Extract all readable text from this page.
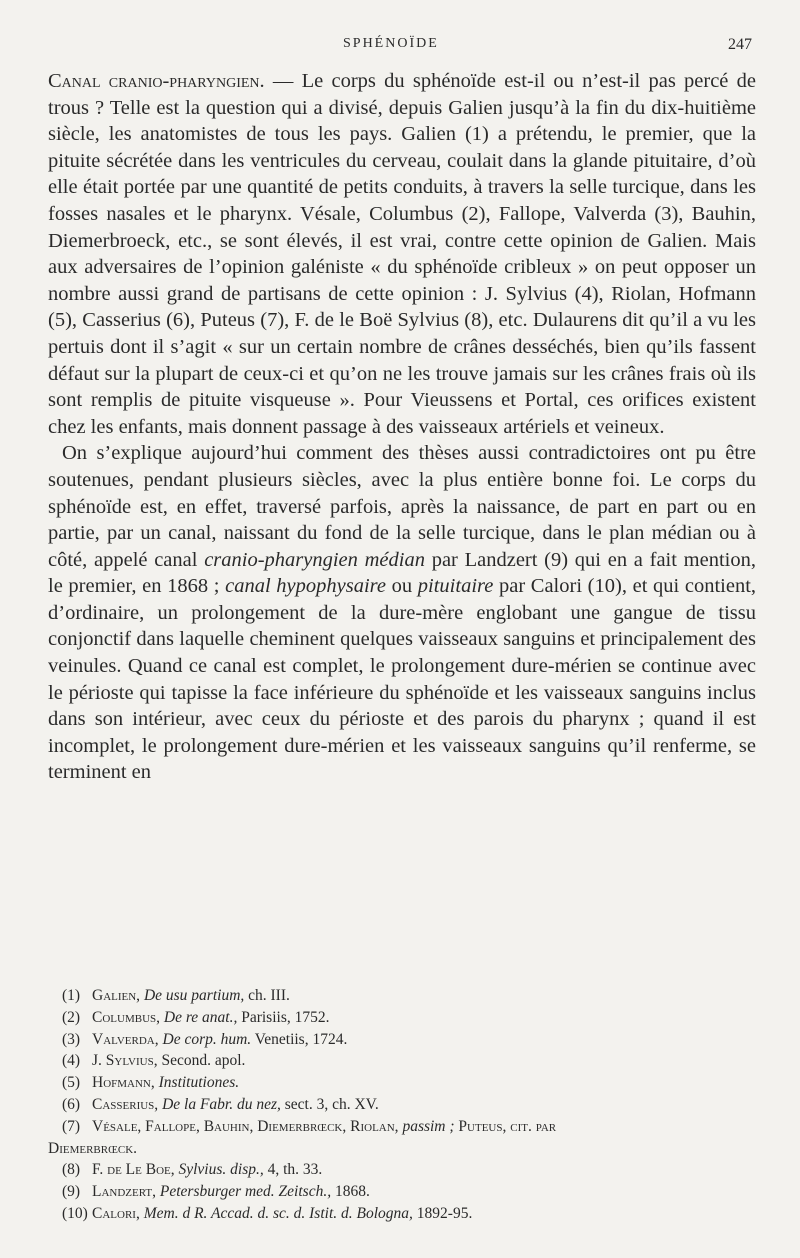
SPHÉNOÏDE	247

Canal cranio-pharyngien. — Le corps du sphénoïde est-il ou n’est-il pas percé de trous ? Telle est la question qui a divisé, depuis Galien jusqu’à la fin du dix-huitième siècle, les anatomistes de tous les pays. Galien (1) a prétendu, le premier, que la pituite sécrétée dans les ventricules du cerveau, coulait dans la glande pituitaire, d’où elle était portée par une quantité de petits conduits, à travers la selle turcique, dans les fosses nasales et le pharynx. Vésale, Columbus (2), Fallope, Valverda (3), Bauhin, Diemerbroeck, etc., se sont élevés, il est vrai, contre cette opinion de Galien. Mais aux adversaires de l’opinion galéniste « du sphénoïde cribleux » on peut opposer un nombre aussi grand de partisans de cette opinion : J. Sylvius (4), Riolan, Hofmann (5), Casserius (6), Puteus (7), F. de le Boë Sylvius (8), etc. Dulaurens dit qu’il a vu les pertuis dont il s’agit « sur un certain nombre de crânes desséchés, bien qu’ils fassent défaut sur la plupart de ceux-ci et qu’on ne les trouve jamais sur les crânes frais où ils sont remplis de pituite visqueuse ». Pour Vieussens et Portal, ces orifices existent chez les enfants, mais donnent passage à des vaisseaux artériels et veineux.

On s’explique aujourd’hui comment des thèses aussi contradictoires ont pu être soutenues, pendant plusieurs siècles, avec la plus entière bonne foi. Le corps du sphénoïde est, en effet, traversé parfois, après la naissance, de part en part ou en partie, par un canal, naissant du fond de la selle turcique, dans le plan médian ou à côté, appelé canal cranio-pharyngien médian par Landzert (9) qui en a fait mention, le premier, en 1868 ; canal hypophysaire ou pituitaire par Calori (10), et qui contient, d’ordinaire, un prolongement de la dure-mère englobant une gangue de tissu conjonctif dans laquelle cheminent quelques vaisseaux sanguins et principalement des veinules. Quand ce canal est complet, le prolongement dure-mérien se continue avec le périoste qui tapisse la face inférieure du sphénoïde et les vaisseaux sanguins inclus dans son intérieur, avec ceux du périoste et des parois du pharynx ; quand il est incomplet, le prolongement dure-mérien et les vaisseaux sanguins qu’il renferme, se terminent en

(1) Galien, De usu partium, ch. III.
(2) Columbus, De re anat., Parisiis, 1752.
(3) Valverda, De corp. hum. Venetiis, 1724.
(4) J. Sylvius, Second. apol.
(5) Hofmann, Institutiones.
(6) Casserius, De la Fabr. du nez, sect. 3, ch. XV.
(7) Vésale, Fallope, Bauhin, Diemerbrœck, Riolan, passim ; Puteus, cit. par
Diemerbrœck.
(8) F. de Le Boe, Sylvius. disp., 4, th. 33.
(9) Landzert, Petersburger med. Zeitsch., 1868.
(10) Calori, Mem. d R. Accad. d. sc. d. Istit. d. Bologna, 1892-95.
